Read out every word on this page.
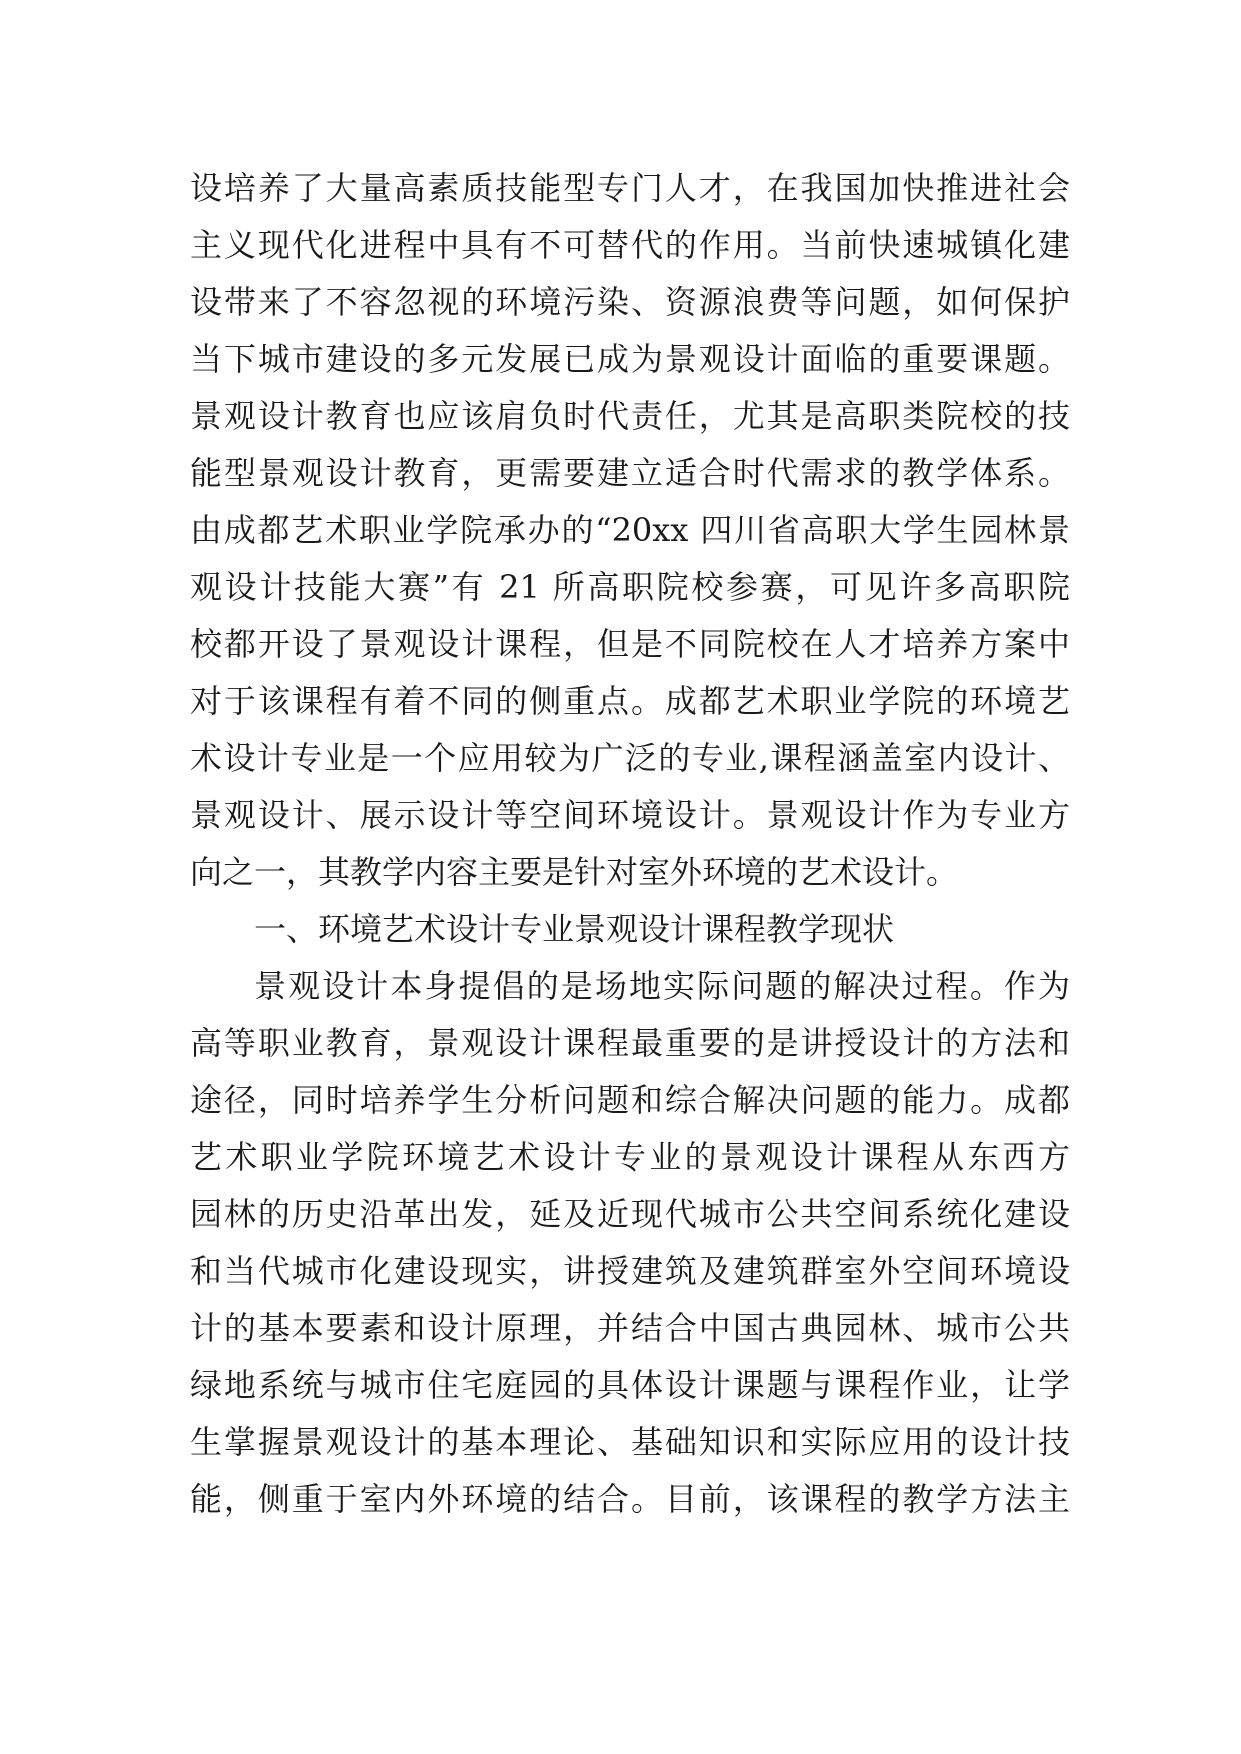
设培养了大量高素质技能型专门人才，在我国加快推进社会
主义现代化进程中具有不可替代的作用。当前快速城镇化建
设带来了不容忽视的环境污染、资源浪费等问题，如何保护
当下城市建设的多元发展已成为景观设计面临的重要课题。
景观设计教育也应该肩负时代责任，尤其是高职类院校的技
能型景观设计教育，更需要建立适合时代需求的教学体系。
由成都艺术职业学院承办的“20xx 四川省高职大学生园林景
观设计技能大赛”有 21 所高职院校参赛，可见许多高职院
校都开设了景观设计课程，但是不同院校在人才培养方案中
对于该课程有着不同的侧重点。成都艺术职业学院的环境艺
术设计专业是一个应用较为广泛的专业,课程涵盖室内设计、
景观设计、展示设计等空间环境设计。景观设计作为专业方
向之一，其教学内容主要是针对室外环境的艺术设计。
一、环境艺术设计专业景观设计课程教学现状
景观设计本身提倡的是场地实际问题的解决过程。作为
高等职业教育，景观设计课程最重要的是讲授设计的方法和
途径，同时培养学生分析问题和综合解决问题的能力。成都
艺术职业学院环境艺术设计专业的景观设计课程从东西方
园林的历史沿革出发，延及近现代城市公共空间系统化建设
和当代城市化建设现实，讲授建筑及建筑群室外空间环境设
计的基本要素和设计原理，并结合中国古典园林、城市公共
绿地系统与城市住宅庭园的具体设计课题与课程作业，让学
生掌握景观设计的基本理论、基础知识和实际应用的设计技
能，侧重于室内外环境的结合。目前，该课程的教学方法主
